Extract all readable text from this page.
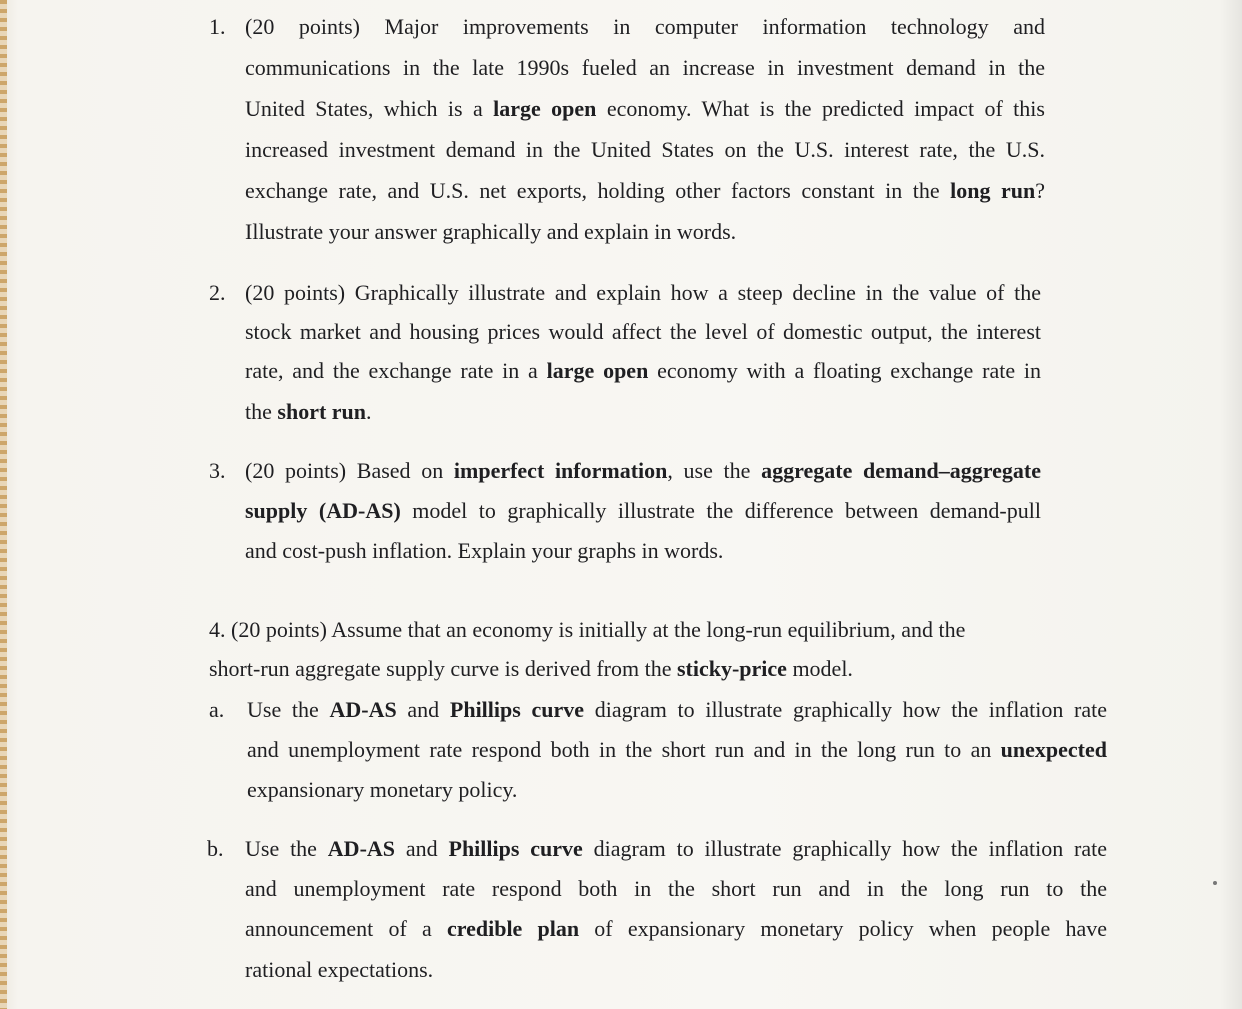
1. (20 points) Major improvements in computer information technology and
communications in the late 1990s fueled an increase in investment demand in the
United States, which is a large open economy. What is the predicted impact of this
increased investment demand in the United States on the U.S. interest rate, the U.S.
exchange rate, and U.S. net exports, holding other factors constant in the long run?
Illustrate your answer graphically and explain in words.
2. (20 points) Graphically illustrate and explain how a steep decline in the value of the
stock market and housing prices would affect the level of domestic output, the interest
rate, and the exchange rate in a large open economy with a floating exchange rate in
the short run.
3. (20 points) Based on imperfect information, use the aggregate demand–aggregate
supply (AD-AS) model to graphically illustrate the difference between demand-pull
and cost-push inflation. Explain your graphs in words.
4. (20 points) Assume that an economy is initially at the long-run equilibrium, and the
short-run aggregate supply curve is derived from the sticky-price model.
a. Use the AD-AS and Phillips curve diagram to illustrate graphically how the inflation rate
and unemployment rate respond both in the short run and in the long run to an unexpected
expansionary monetary policy.
b. Use the AD-AS and Phillips curve diagram to illustrate graphically how the inflation rate
and unemployment rate respond both in the short run and in the long run to the
announcement of a credible plan of expansionary monetary policy when people have
rational expectations.
